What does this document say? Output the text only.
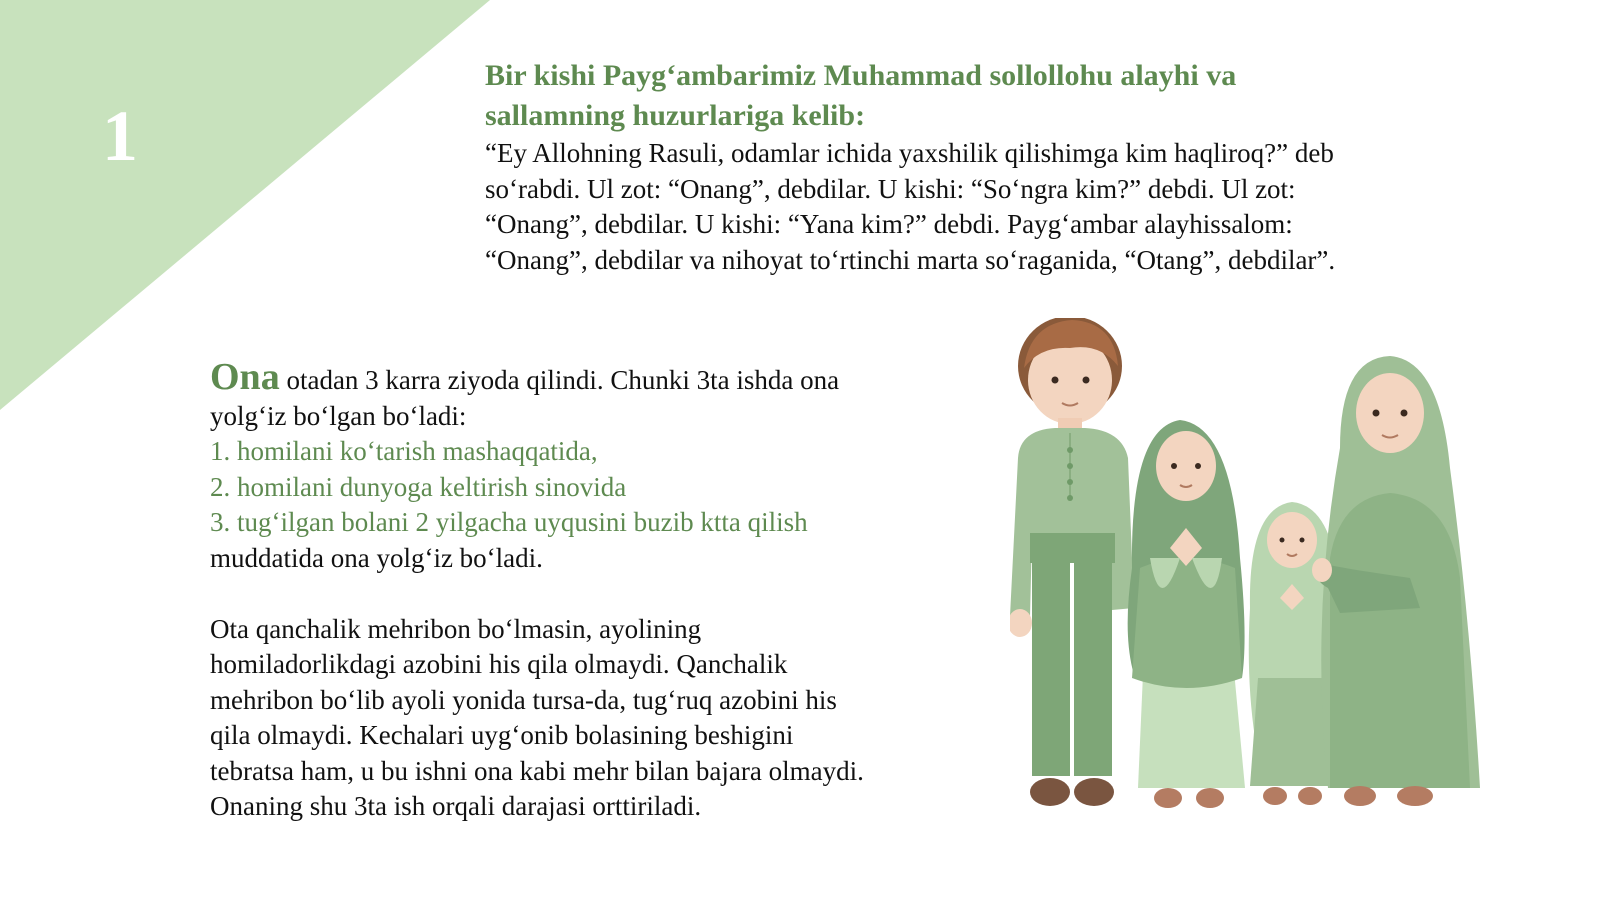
1

Bir kishi Payg‘ambarimiz Muhammad sollollohu alayhi va sallamning huzurlariga kelib:

“Ey Allohning Rasuli, odamlar ichida yaxshilik qilishimga kim haqliroq?” deb so‘rabdi. Ul zot: “Onang”, debdilar. U kishi: “So‘ngra kim?” debdi. Ul zot: “Onang”, debdilar. U kishi: “Yana kim?” debdi. Payg‘ambar alayhissalom: “Onang”, debdilar va nihoyat to‘rtinchi marta so‘raganida, “Otang”, debdilar”.

Ona otadan 3 karra ziyoda qilindi. Chunki 3ta ishda ona

yolg‘iz bo‘lgan bo‘ladi:

1. homilani ko‘tarish mashaqqatida,

2. homilani dunyoga keltirish sinovida

3. tug‘ilgan bolani 2 yilgacha uyqusini buzib ktta qilish

muddatida ona yolg‘iz bo‘ladi.

Ota qanchalik mehribon bo‘lmasin, ayolining

homiladorlikdagi azobini his qila olmaydi. Qanchalik

mehribon bo‘lib ayoli yonida tursa-da, tug‘ruq azobini his

qila olmaydi. Kechalari uyg‘onib bolasining beshigini

tebratsa ham, u bu ishni ona kabi mehr bilan bajara olmaydi.

Onaning shu 3ta ish orqali darajasi orttiriladi.
